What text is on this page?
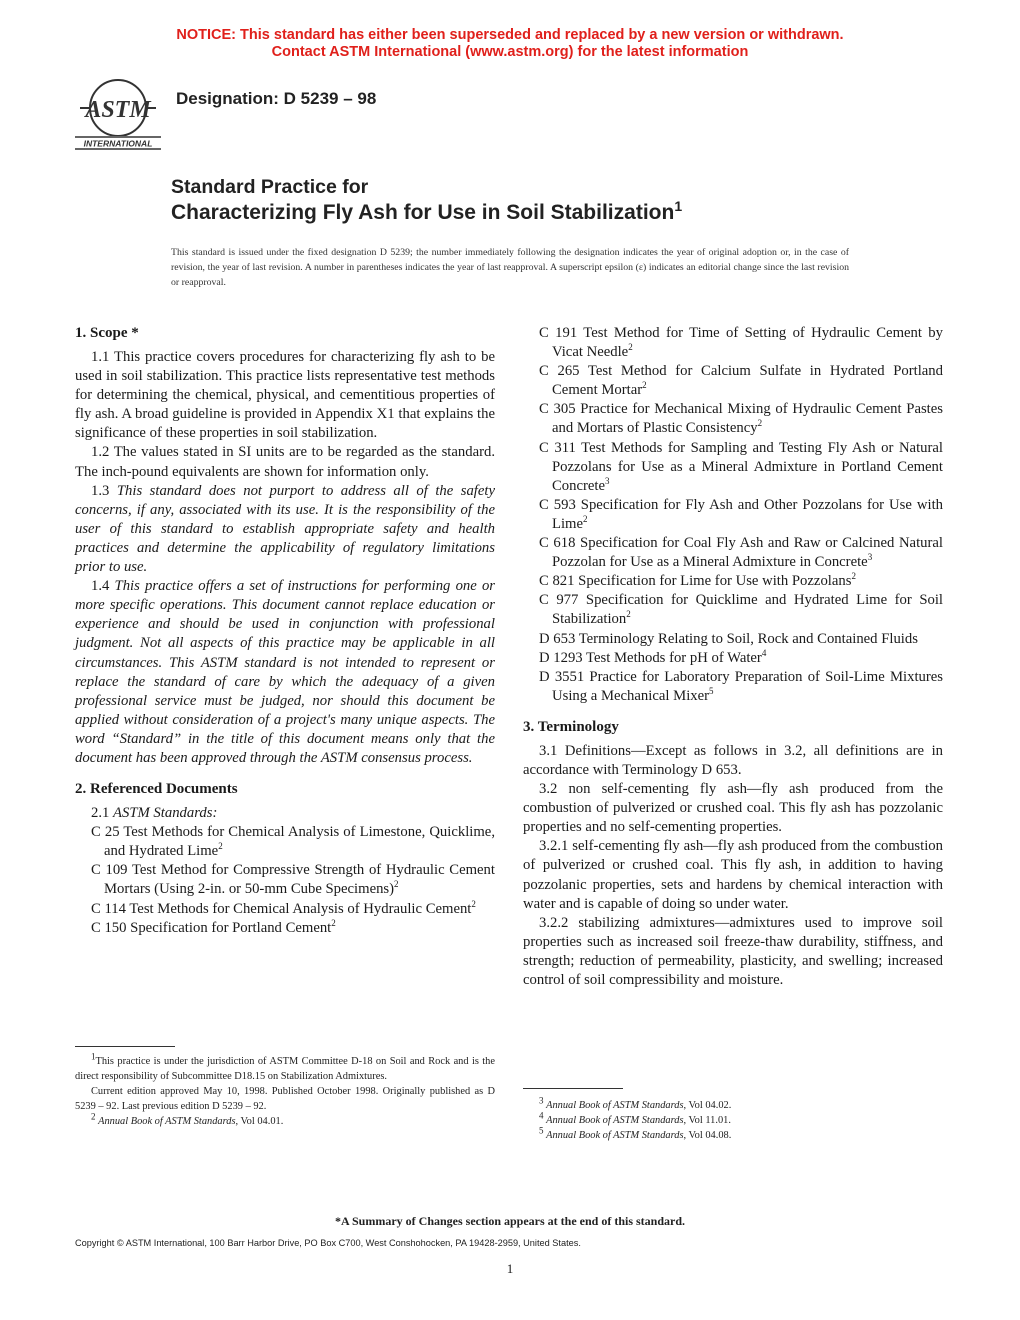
NOTICE: This standard has either been superseded and replaced by a new version or withdrawn.
Contact ASTM International (www.astm.org) for the latest information
ASTM
INTERNATIONAL
Designation: D 5239 – 98
Standard Practice for
Characterizing Fly Ash for Use in Soil Stabilization$^1$
This standard is issued under the fixed designation D 5239; the number immediately following the designation indicates the year of original adoption or, in the case of revision, the year of last revision. A number in parentheses indicates the year of last reapproval. A superscript epsilon (ε) indicates an editorial change since the last revision or reapproval.
1. Scope *

1.1 This practice covers procedures for characterizing fly ash to be used in soil stabilization. This practice lists representative test methods for determining the chemical, physical, and cementitious properties of fly ash. A broad guideline is provided in Appendix X1 that explains the significance of these properties in soil stabilization.

1.2 The values stated in SI units are to be regarded as the standard. The inch-pound equivalents are shown for information only.

1.3 This standard does not purport to address all of the safety concerns, if any, associated with its use. It is the responsibility of the user of this standard to establish appropriate safety and health practices and determine the applicability of regulatory limitations prior to use.

1.4 This practice offers a set of instructions for performing one or more specific operations. This document cannot replace education or experience and should be used in conjunction with professional judgment. Not all aspects of this practice may be applicable in all circumstances. This ASTM standard is not intended to represent or replace the standard of care by which the adequacy of a given professional service must be judged, nor should this document be applied without consideration of a project's many unique aspects. The word “Standard” in the title of this document means only that the document has been approved through the ASTM consensus process.

2. Referenced Documents

2.1 ASTM Standards:

C 25 Test Methods for Chemical Analysis of Limestone, Quicklime, and Hydrated Lime$^2$

C 109 Test Method for Compressive Strength of Hydraulic Cement Mortars (Using 2-in. or 50-mm Cube Specimens)$^2$

C 114 Test Methods for Chemical Analysis of Hydraulic Cement$^2$

C 150 Specification for Portland Cement$^2$

C 191 Test Method for Time of Setting of Hydraulic Cement by Vicat Needle$^2$

C 265 Test Method for Calcium Sulfate in Hydrated Portland Cement Mortar$^2$

C 305 Practice for Mechanical Mixing of Hydraulic Cement Pastes and Mortars of Plastic Consistency$^2$

C 311 Test Methods for Sampling and Testing Fly Ash or Natural Pozzolans for Use as a Mineral Admixture in Portland Cement Concrete$^3$

C 593 Specification for Fly Ash and Other Pozzolans for Use with Lime$^2$

C 618 Specification for Coal Fly Ash and Raw or Calcined Natural Pozzolan for Use as a Mineral Admixture in Concrete$^3$

C 821 Specification for Lime for Use with Pozzolans$^2$

C 977 Specification for Quicklime and Hydrated Lime for Soil Stabilization$^2$

D 653 Terminology Relating to Soil, Rock and Contained Fluids

D 1293 Test Methods for pH of Water$^4$

D 3551 Practice for Laboratory Preparation of Soil-Lime Mixtures Using a Mechanical Mixer$^5$

3. Terminology

3.1 Definitions—Except as follows in 3.2, all definitions are in accordance with Terminology D 653.

3.2 non self-cementing fly ash—fly ash produced from the combustion of pulverized or crushed coal. This fly ash has pozzolanic properties and no self-cementing properties.

3.2.1 self-cementing fly ash—fly ash produced from the combustion of pulverized or crushed coal. This fly ash, in addition to having pozzolanic properties, sets and hardens by chemical interaction with water and is capable of doing so under water.

3.2.2 stabilizing admixtures—admixtures used to improve soil properties such as increased soil freeze-thaw durability, stiffness, and strength; reduction of permeability, plasticity, and swelling; increased control of soil compressibility and moisture.

$^1$This practice is under the jurisdiction of ASTM Committee D-18 on Soil and Rock and is the direct responsibility of Subcommittee D18.15 on Stabilization Admixtures.

Current edition approved May 10, 1998. Published October 1998. Originally published as D 5239 – 92. Last previous edition D 5239 – 92.

$^2$ Annual Book of ASTM Standards, Vol 04.01.

$^3$ Annual Book of ASTM Standards, Vol 04.02.

$^4$ Annual Book of ASTM Standards, Vol 11.01.

$^5$ Annual Book of ASTM Standards, Vol 04.08.

*A Summary of Changes section appears at the end of this standard.
Copyright © ASTM International, 100 Barr Harbor Drive, PO Box C700, West Conshohocken, PA 19428-2959, United States.
1
